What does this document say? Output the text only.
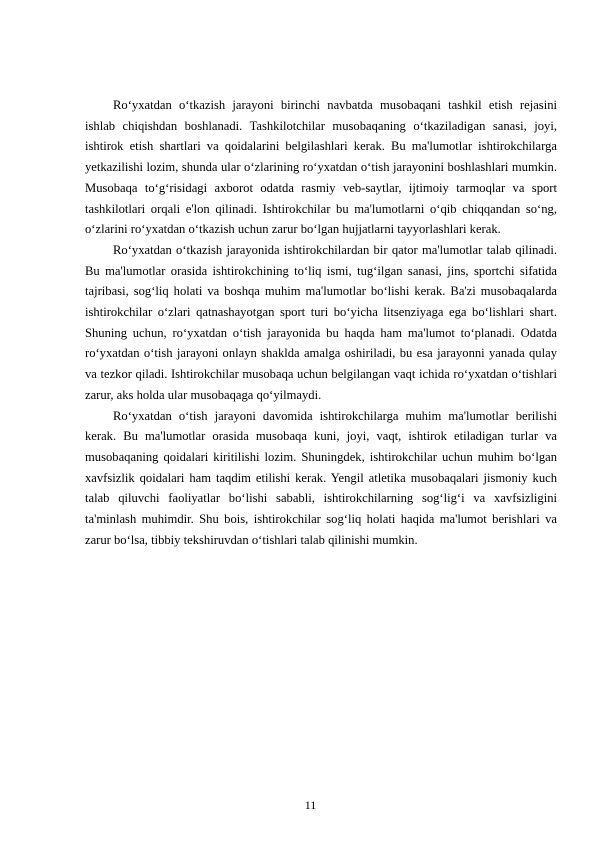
Ro‘yxatdan o‘tkazish jarayoni birinchi navbatda musobaqani tashkil etish rejasini ishlab chiqishdan boshlanadi. Tashkilotchilar musobaqaning o‘tkaziladigan sanasi, joyi, ishtirok etish shartlari va qoidalarini belgilashlari kerak. Bu ma'lumotlar ishtirokchilarga yetkazilishi lozim, shunda ular o‘zlarining ro‘yxatdan o‘tish jarayonini boshlashlari mumkin. Musobaqa to‘g‘risidagi axborot odatda rasmiy veb-saytlar, ijtimoiy tarmoqlar va sport tashkilotlari orqali e'lon qilinadi. Ishtirokchilar bu ma'lumotlarni o‘qib chiqqandan so‘ng, o‘zlarini ro‘yxatdan o‘tkazish uchun zarur bo‘lgan hujjatlarni tayyorlashlari kerak.

Ro‘yxatdan o‘tkazish jarayonida ishtirokchilardan bir qator ma'lumotlar talab qilinadi. Bu ma'lumotlar orasida ishtirokchining to‘liq ismi, tug‘ilgan sanasi, jins, sportchi sifatida tajribasi, sog‘liq holati va boshqa muhim ma'lumotlar bo‘lishi kerak. Ba'zi musobaqalarda ishtirokchilar o‘zlari qatnashayotgan sport turi bo‘yicha litsenziyaga ega bo‘lishlari shart. Shuning uchun, ro‘yxatdan o‘tish jarayonida bu haqda ham ma'lumot to‘planadi. Odatda ro‘yxatdan o‘tish jarayoni onlayn shaklda amalga oshiriladi, bu esa jarayonni yanada qulay va tezkor qiladi. Ishtirokchilar musobaqa uchun belgilangan vaqt ichida ro‘yxatdan o‘tishlari zarur, aks holda ular musobaqaga qo‘yilmaydi.

Ro‘yxatdan o‘tish jarayoni davomida ishtirokchilarga muhim ma'lumotlar berilishi kerak. Bu ma'lumotlar orasida musobaqa kuni, joyi, vaqt, ishtirok etiladigan turlar va musobaqaning qoidalari kiritilishi lozim. Shuningdek, ishtirokchilar uchun muhim bo‘lgan xavfsizlik qoidalari ham taqdim etilishi kerak. Yengil atletika musobaqalari jismoniy kuch talab qiluvchi faoliyatlar bo‘lishi sababli, ishtirokchilarning sog‘lig‘i va xavfsizligini ta'minlash muhimdir. Shu bois, ishtirokchilar sog‘liq holati haqida ma'lumot berishlari va zarur bo‘lsa, tibbiy tekshiruvdan o‘tishlari talab qilinishi mumkin.

11
